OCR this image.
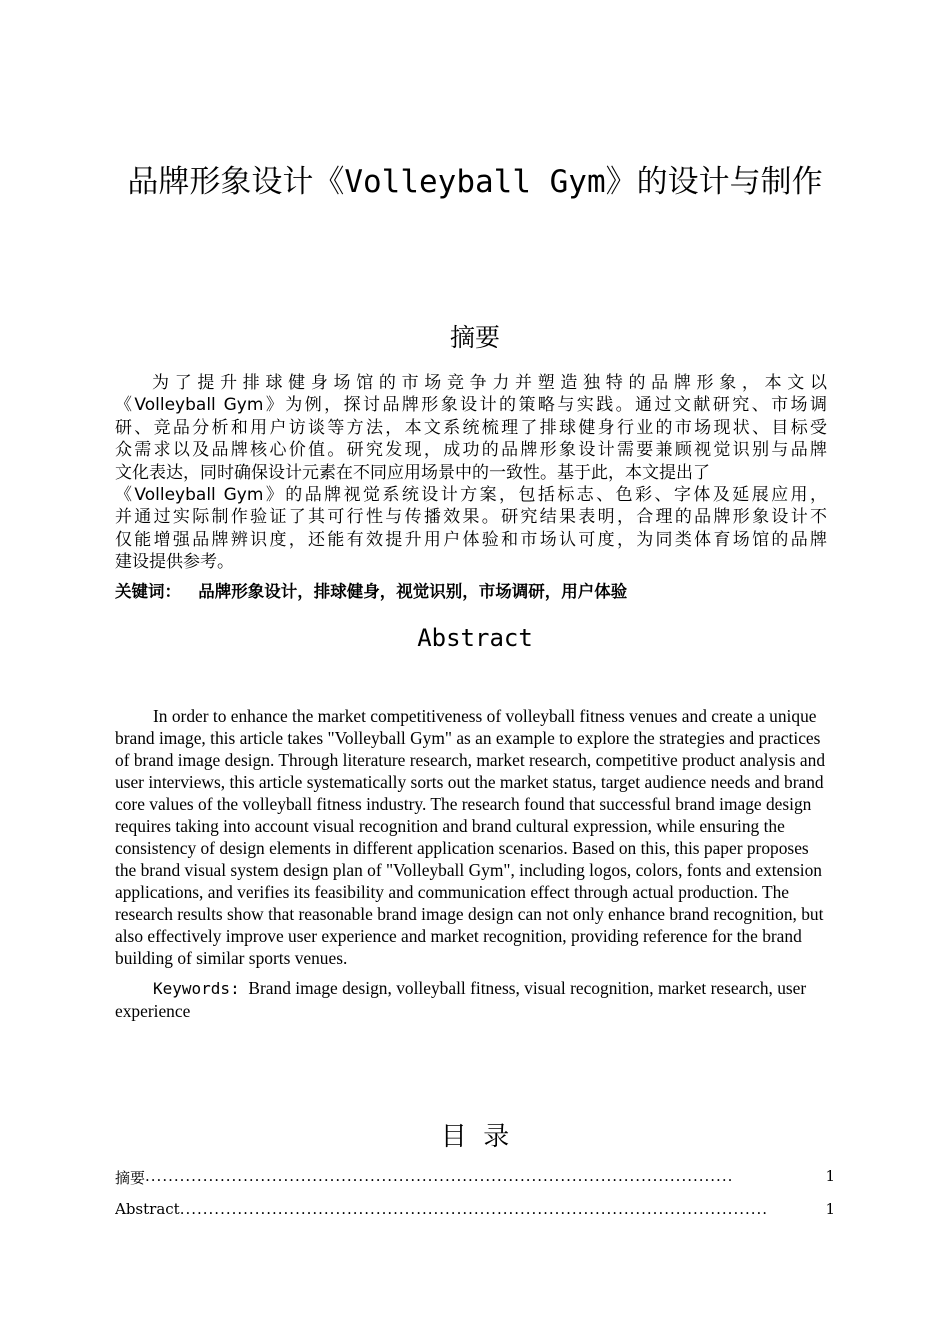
品牌形象设计《Volleyball Gym》的设计与制作
摘要
为了提升排球健身场馆的市场竞争力并塑造独特的品牌形象，本文以
《Volleyball Gym》为例，探讨品牌形象设计的策略与实践。通过文献研究、市场调
研、竞品分析和用户访谈等方法，本文系统梳理了排球健身行业的市场现状、目标受
众需求以及品牌核心价值。研究发现，成功的品牌形象设计需要兼顾视觉识别与品牌
文化表达，同时确保设计元素在不同应用场景中的一致性。基于此，本文提出了
《Volleyball Gym》的品牌视觉系统设计方案，包括标志、色彩、字体及延展应用，
并通过实际制作验证了其可行性与传播效果。研究结果表明，合理的品牌形象设计不
仅能增强品牌辨识度，还能有效提升用户体验和市场认可度，为同类体育场馆的品牌
建设提供参考。
关键词： 品牌形象设计，排球健身，视觉识别，市场调研，用户体验
Abstract

In order to enhance the market competitiveness of volleyball fitness venues and create a unique brand image, this article takes "Volleyball Gym" as an example to explore the strategies and practices of brand image design. Through literature research, market research, competitive product analysis and user interviews, this article systematically sorts out the market status, target audience needs and brand core values of the volleyball fitness industry. The research found that successful brand image design requires taking into account visual recognition and brand cultural expression, while ensuring the consistency of design elements in different application scenarios. Based on this, this paper proposes the brand visual system design plan of "Volleyball Gym", including logos, colors, fonts and extension applications, and verifies its feasibility and communication effect through actual production. The research results show that reasonable brand image design can not only enhance brand recognition, but also effectively improve user experience and market recognition, providing reference for the brand building of similar sports venues.

Keywords: Brand image design, volleyball fitness, visual recognition, market research, user experience

目  录
摘要 ......................................................................................................	1
Abstract ......................................................................................................	1
